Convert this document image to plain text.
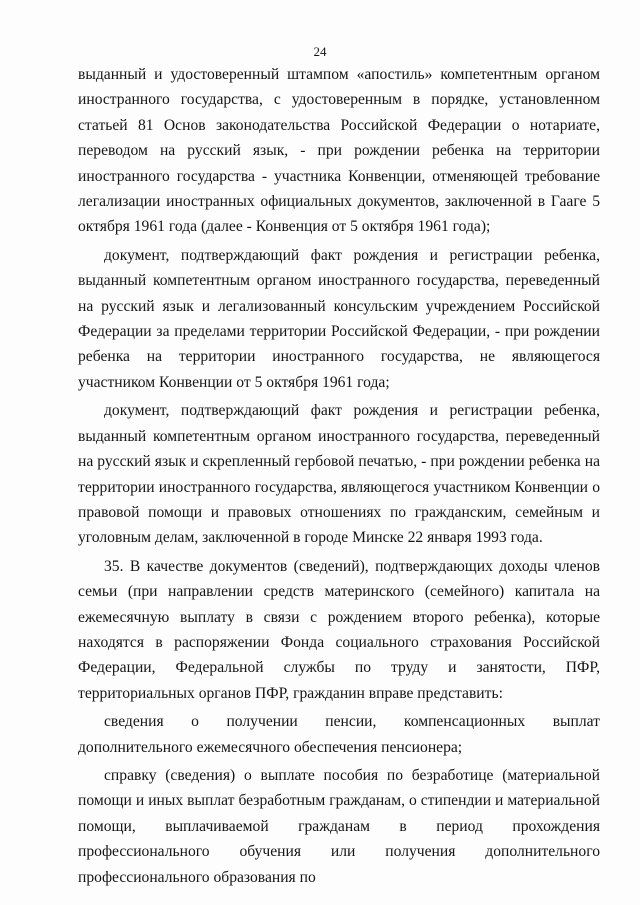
24

выданный и удостоверенный штампом «апостиль» компетентным органом иностранного государства, с удостоверенным в порядке, установленном статьей 81 Основ законодательства Российской Федерации о нотариате, переводом на русский язык, - при рождении ребенка на территории иностранного государства - участника Конвенции, отменяющей требование легализации иностранных официальных документов, заключенной в Гааге 5 октября 1961 года (далее - Конвенция от 5 октября 1961 года);

документ, подтверждающий факт рождения и регистрации ребенка, выданный компетентным органом иностранного государства, переведенный на русский язык и легализованный консульским учреждением Российской Федерации за пределами территории Российской Федерации, - при рождении ребенка на территории иностранного государства, не являющегося участником Конвенции от 5 октября 1961 года;

документ, подтверждающий факт рождения и регистрации ребенка, выданный компетентным органом иностранного государства, переведенный на русский язык и скрепленный гербовой печатью, - при рождении ребенка на территории иностранного государства, являющегося участником Конвенции о правовой помощи и правовых отношениях по гражданским, семейным и уголовным делам, заключенной в городе Минске 22 января 1993 года.

35. В качестве документов (сведений), подтверждающих доходы членов семьи (при направлении средств материнского (семейного) капитала на ежемесячную выплату в связи с рождением второго ребенка), которые находятся в распоряжении Фонда социального страхования Российской Федерации, Федеральной службы по труду и занятости, ПФР, территориальных органов ПФР, гражданин вправе представить:

сведения о получении пенсии, компенсационных выплат дополнительного ежемесячного обеспечения пенсионера;

справку (сведения) о выплате пособия по безработице (материальной помощи и иных выплат безработным гражданам, о стипендии и материальной помощи, выплачиваемой гражданам в период прохождения профессионального обучения или получения дополнительного профессионального образования по
